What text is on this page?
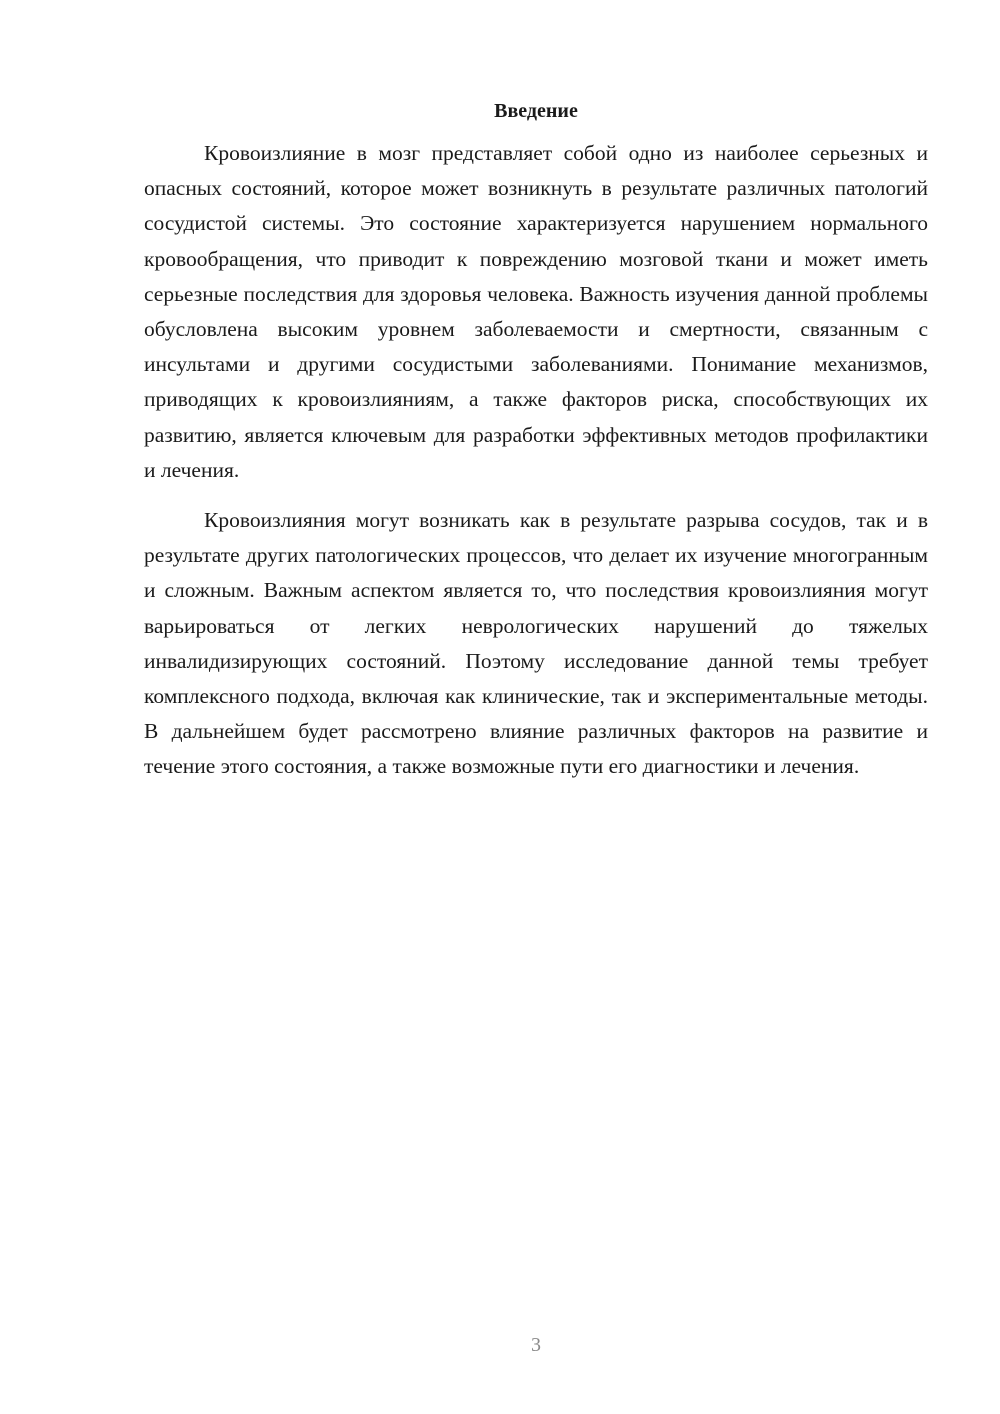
Введение

Кровоизлияние в мозг представляет собой одно из наиболее серьезных и опасных состояний, которое может возникнуть в результате различных патологий сосудистой системы. Это состояние характеризуется нарушением нормального кровообращения, что приводит к повреждению мозговой ткани и может иметь серьезные последствия для здоровья человека. Важность изучения данной проблемы обусловлена высоким уровнем заболеваемости и смертности, связанным с инсультами и другими сосудистыми заболеваниями. Понимание механизмов, приводящих к кровоизлияниям, а также факторов риска, способствующих их развитию, является ключевым для разработки эффективных методов профилактики и лечения.

Кровоизлияния могут возникать как в результате разрыва сосудов, так и в результате других патологических процессов, что делает их изучение многогранным и сложным. Важным аспектом является то, что последствия кровоизлияния могут варьироваться от легких неврологических нарушений до тяжелых инвалидизирующих состояний. Поэтому исследование данной темы требует комплексного подхода, включая как клинические, так и экспериментальные методы. В дальнейшем будет рассмотрено влияние различных факторов на развитие и течение этого состояния, а также возможные пути его диагностики и лечения.

3
